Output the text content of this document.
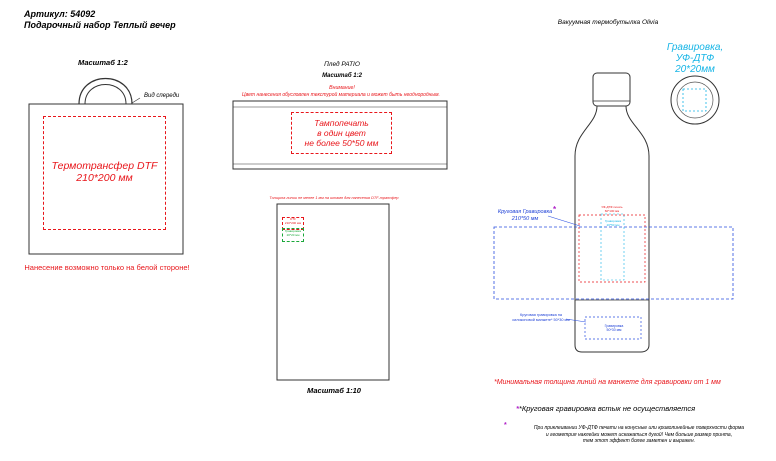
Артикул: 54092
Подарочный набор Теплый вечер
Масштаб 1:2
Вид спереди
Термотрансфер DTF
210*200 мм
Нанесение возможно только на белой стороне!
Плед PATIO
Масштаб 1:2
Внимание!
Цвет нанесения обусловлен текстурой материала и может быть неоднородным.
Тампопечать
в один цвет
не более 50*50 мм
Толщина линии не менее 1 мм на штамп для нанесения DTF-трансфер
DTF
210*200 мм
Гравировка
20*20 мм
Масштаб 1:10
Вакуумная термобутылка Olivia
Гравировка,
УФ-ДТФ
20*20мм
Круговая Гравировка
210*50 мм
*	УФ-ДТФ печать
60*100 мм
Гравировка
20*50 мм
Круговая гравировка на
силиконовой манжете* 50*30 мм
Гравировка
50*30 мм
*Минимальная толщина линий на манжете для гравировки от 1 мм
**Круговая гравировка встык не осуществляется
*	При приклеивании УФ-ДТФ печати на конусные или криволинейные поверхности форма
и геометрия наклейки может искажаться дугой! Чем больше размер принта,
тем этот эффект более заметен и выражен.
